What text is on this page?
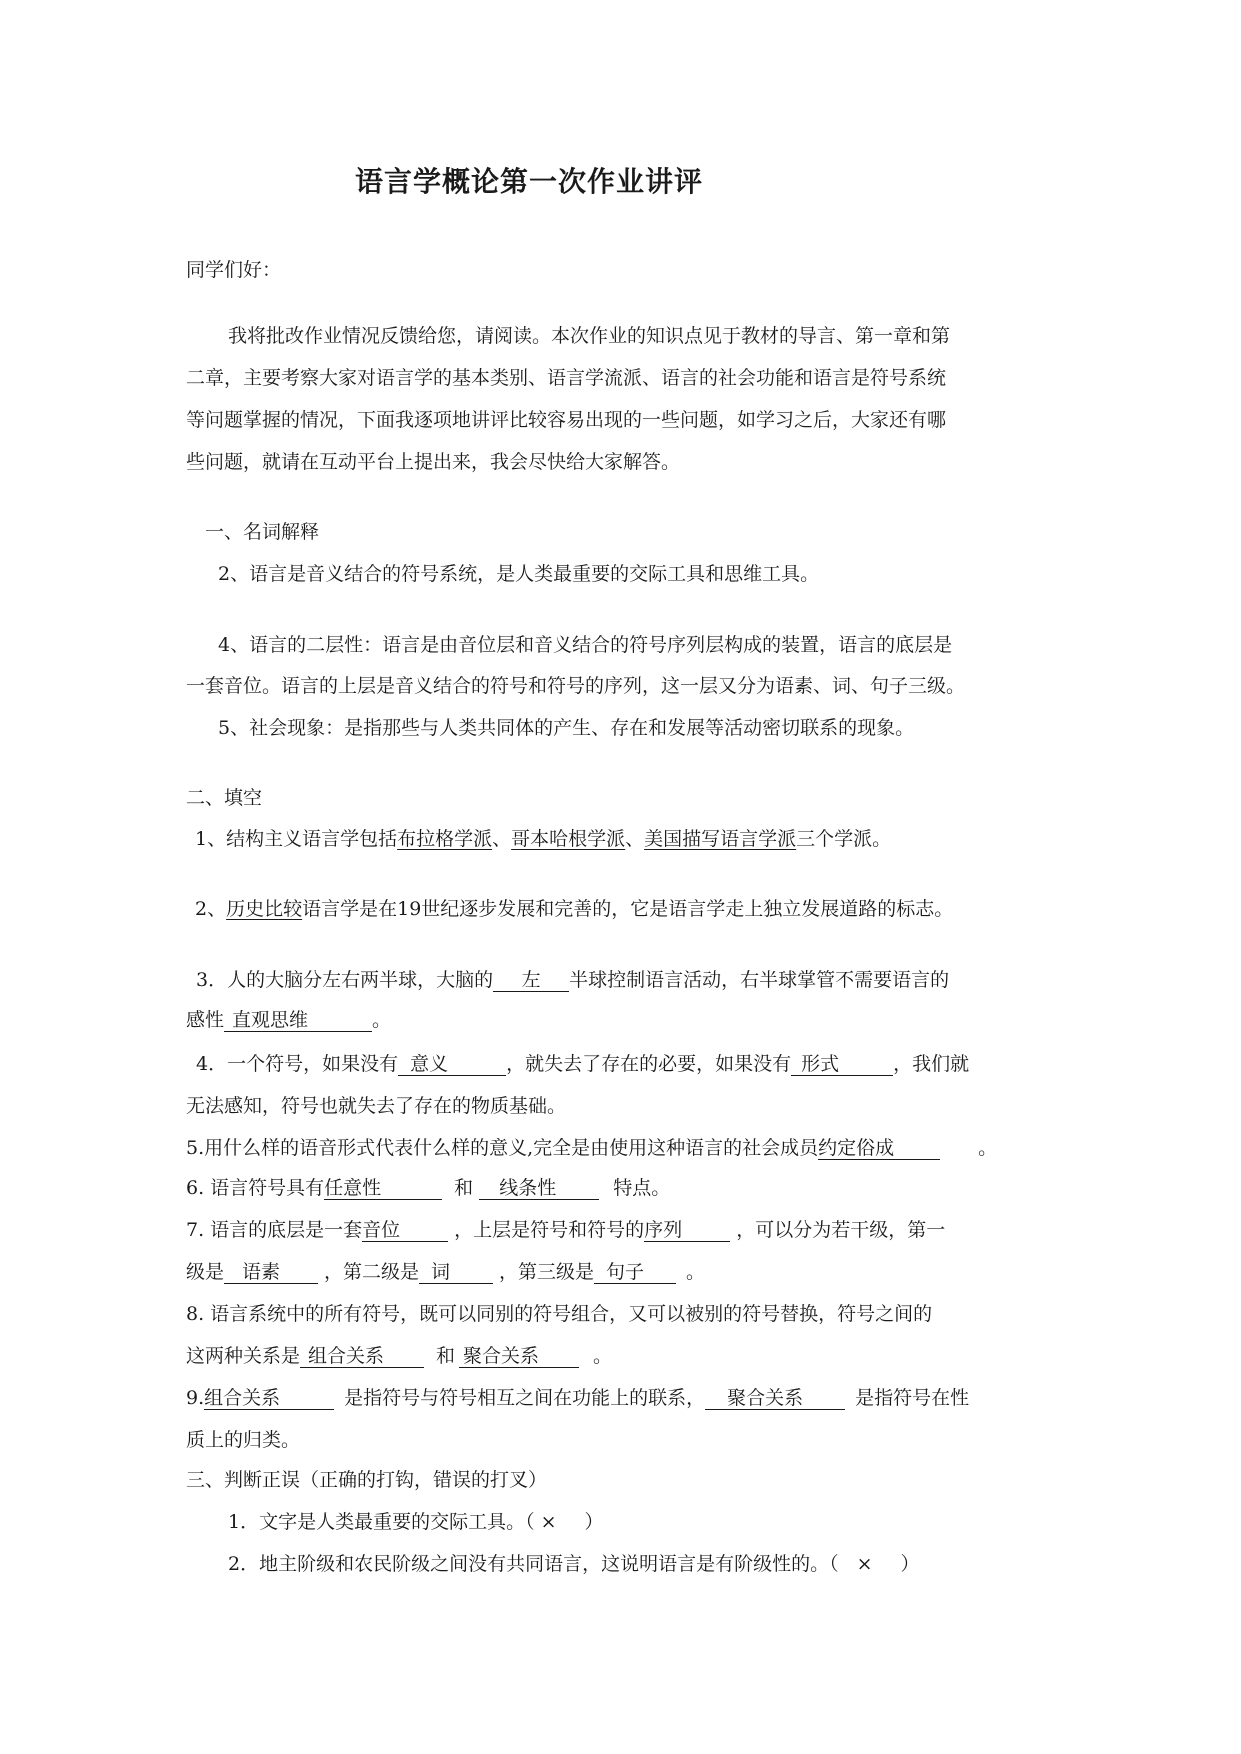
语言学概论第一次作业讲评
同学们好：
我将批改作业情况反馈给您，请阅读。本次作业的知识点见于教材的导言、第一章和第
二章，主要考察大家对语言学的基本类别、语言学流派、语言的社会功能和语言是符号系统
等问题掌握的情况，下面我逐项地讲评比较容易出现的一些问题，如学习之后，大家还有哪
些问题，就请在互动平台上提出来，我会尽快给大家解答。
一、名词解释
2、语言是音义结合的符号系统，是人类最重要的交际工具和思维工具。
4、语言的二层性：语言是由音位层和音义结合的符号序列层构成的装置，语言的底层是
一套音位。语言的上层是音义结合的符号和符号的序列，这一层又分为语素、词、句子三级。
5、社会现象：是指那些与人类共同体的产生、存在和发展等活动密切联系的现象。
二、填空
1、结构主义语言学包括布拉格学派、哥本哈根学派、美国描写语言学派三个学派。
2、历史比较语言学是在19世纪逐步发展和完善的，它是语言学走上独立发展道路的标志。
3．人的大脑分左右两半球，大脑的 左 半球控制语言活动，右半球掌管不需要语言的
感性 直观思维	。
4．一个符号，如果没有 意义	，就失去了存在的必要，如果没有 形式	，我们就
无法感知，符号也就失去了存在的物质基础。
5.用什么样的语音形式代表什么样的意义,完全是由使用这种语言的社会成员约定俗成	。
6. 语言符号具有任意性	和 线条性	特点。
7. 语言的底层是一套音位	，上层是符号和符号的序列	，可以分为若干级，第一
级是 语素 ，第二级是 词	，第三级是 句子 。
8. 语言系统中的所有符号，既可以同别的符号组合，又可以被别的符号替换，符号之间的
这两种关系是 组合关系	和 聚合关系	。
9.组合关系	是指符号与符号相互之间在功能上的联系， 聚合关系	是指符号在性
质上的归类。
三、判断正误（正确的打钩，错误的打叉）
1．文字是人类最重要的交际工具。（ × ）
2．地主阶级和农民阶级之间没有共同语言，这说明语言是有阶级性的。（ × ）
